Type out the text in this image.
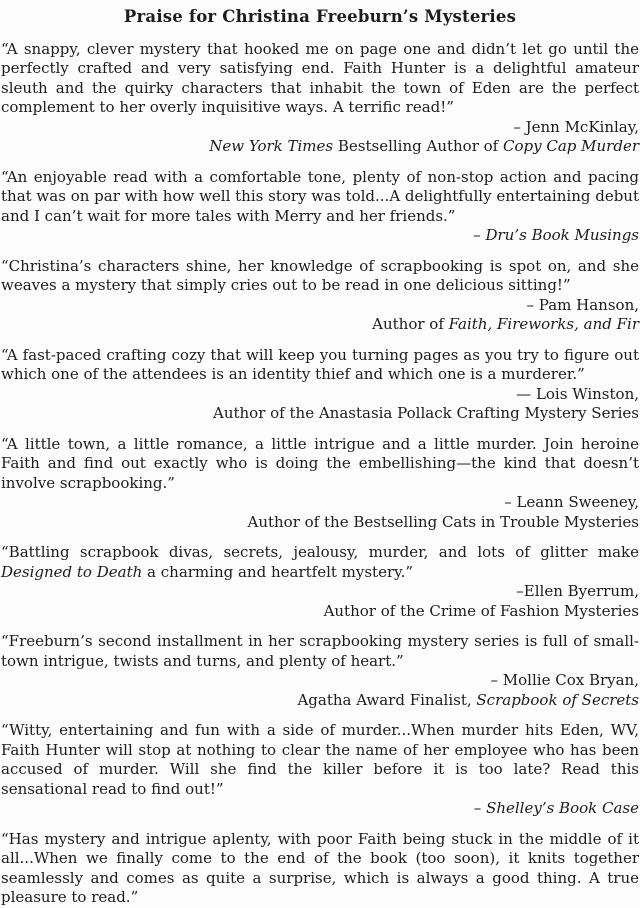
Praise for Christina Freeburn’s Mysteries

“A snappy, clever mystery that hooked me on page one and didn’t let go until the perfectly crafted and very satisfying end. Faith Hunter is a delightful amateur sleuth and the quirky characters that inhabit the town of Eden are the perfect complement to her overly inquisitive ways. A terrific read!”

– Jenn McKinlay,
New York Times Bestselling Author of Copy Cap Murder

“An enjoyable read with a comfortable tone, plenty of non-stop action and pacing that was on par with how well this story was told...A delightfully entertaining debut and I can’t wait for more tales with Merry and her friends.”

– Dru’s Book Musings

“Christina’s characters shine, her knowledge of scrapbooking is spot on, and she weaves a mystery that simply cries out to be read in one delicious sitting!”

– Pam Hanson,
Author of Faith, Fireworks, and Fir

“A fast-paced crafting cozy that will keep you turning pages as you try to figure out which one of the attendees is an identity thief and which one is a murderer.”

— Lois Winston,
Author of the Anastasia Pollack Crafting Mystery Series

“A little town, a little romance, a little intrigue and a little murder. Join heroine Faith and find out exactly who is doing the embellishing—the kind that doesn’t involve scrapbooking.”

– Leann Sweeney,
Author of the Bestselling Cats in Trouble Mysteries

“Battling scrapbook divas, secrets, jealousy, murder, and lots of glitter make Designed to Death a charming and heartfelt mystery.”

–Ellen Byerrum,
Author of the Crime of Fashion Mysteries

“Freeburn’s second installment in her scrapbooking mystery series is full of small-town intrigue, twists and turns, and plenty of heart.”

– Mollie Cox Bryan,
Agatha Award Finalist, Scrapbook of Secrets

“Witty, entertaining and fun with a side of murder...When murder hits Eden, WV, Faith Hunter will stop at nothing to clear the name of her employee who has been accused of murder. Will she find the killer before it is too late? Read this sensational read to find out!”

– Shelley’s Book Case

“Has mystery and intrigue aplenty, with poor Faith being stuck in the middle of it all...When we finally come to the end of the book (too soon), it knits together seamlessly and comes as quite a surprise, which is always a good thing. A true pleasure to read.”
